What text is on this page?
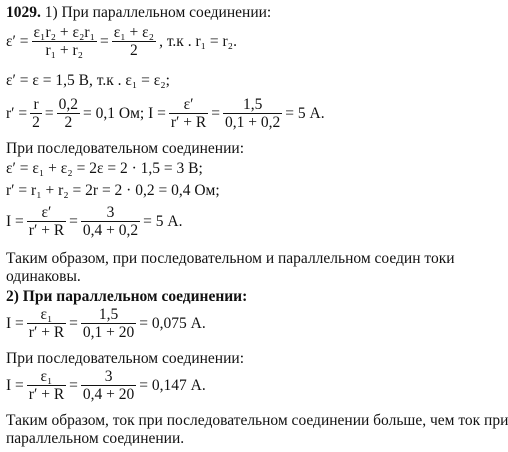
1029. 1) При параллельном соединении:
$\varepsilon' = \frac{\text{ε₁r₂ + ε₂r₁}}{\text{r₁ + r₂}} = \frac{\text{ε₁ + ε₂}}{2}$ , т.к . r₁ = r₂.
ε′ = ε = 1,5 В, т.к . ε₁ = ε₂;
$r' = \frac{r}{2} = \frac{0,2}{2} = 0,1$ Ом; $I = \frac{\varepsilon'}{r' + R} = \frac{1,5}{0,1 + 0,2} = 5$ А.
При последовательном соединении:
ε′ = ε₁ + ε₂ = 2ε = 2 · 1,5 = 3 В;
r′ = r₁ + r₂ = 2r = 2 · 0,2 = 0,4 Ом;
$I = \frac{\varepsilon'}{r' + R} = \frac{3}{0,4 + 0,2} = 5$ А.
Таким образом, при последовательном и параллельном соедин токи
одинаковы.
2) При параллельном соединении:
$I = \frac{\text{ε₁}}{r' + R} = \frac{1,5}{0,1 + 20} = 0,075$ А.
При последовательном соединении:
$I = \frac{\text{ε₁}}{r' + R} = \frac{3}{0,4 + 20} = 0,147$ А.
Таким образом, ток при последовательном соединении больше, чем ток при
параллельном соединении.
